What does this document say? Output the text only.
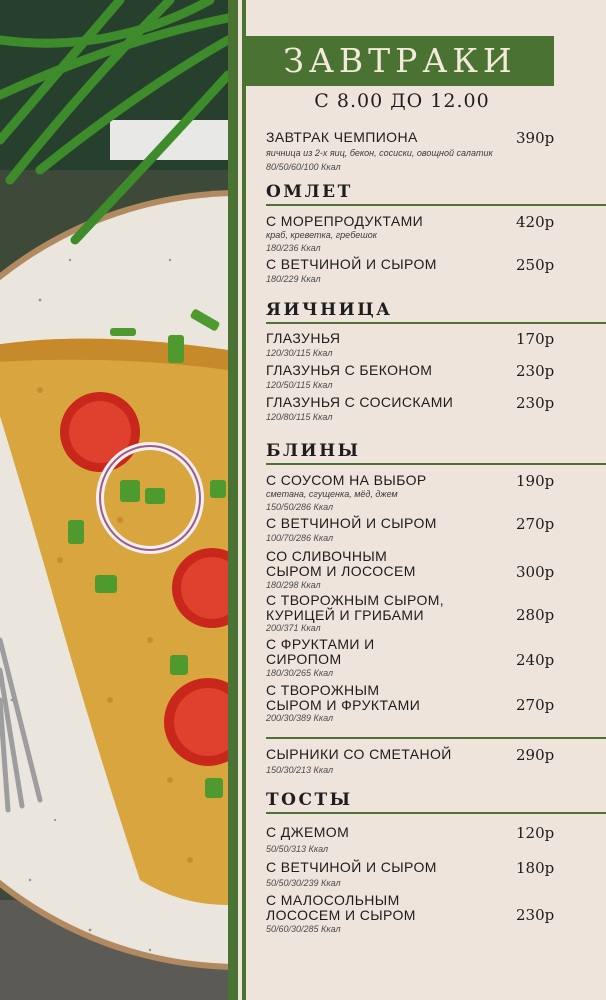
ЗАВТРАКИ
С 8.00 ДО 12.00
ЗАВТРАК ЧЕМПИОНА	390р
яичница из 2-х яиц, бекон, сосиски, овощной салатик
80/50/60/100 Ккал
ОМЛЕТ
С МОРЕПРОДУКТАМИ	420р
краб, креветка, гребешок
180/236 Ккал
С ВЕТЧИНОЙ И СЫРОМ	250р
180/229 Ккал
ЯИЧНИЦА
ГЛАЗУНЬЯ	170р
120/30/115 Ккал
ГЛАЗУНЬЯ С БЕКОНОМ	230р
120/50/115 Ккал
ГЛАЗУНЬЯ С СОСИСКАМИ	230р
120/80/115 Ккал
БЛИНЫ
С СОУСОМ НА ВЫБОР	190р
сметана, сгущенка, мёд, джем
150/50/286 Ккал
С ВЕТЧИНОЙ И СЫРОМ	270р
100/70/286 Ккал
СО СЛИВОЧНЫМ
СЫРОМ И ЛОСОСЕМ	300р
180/298 Ккал
С ТВОРОЖНЫМ СЫРОМ,
КУРИЦЕЙ И ГРИБАМИ	280р
200/371 Ккал
С ФРУКТАМИ И
СИРОПОМ	240р
180/30/265 Ккал
С ТВОРОЖНЫМ
СЫРОМ И ФРУКТАМИ	270р
200/30/389 Ккал
СЫРНИКИ СО СМЕТАНОЙ	290р
150/30/213 Ккал
ТОСТЫ
С ДЖЕМОМ	120р
50/50/313 Ккал
С ВЕТЧИНОЙ И СЫРОМ	180р
50/50/30/239 Ккал
С МАЛОСОЛЬНЫМ
ЛОСОСЕМ И СЫРОМ	230р
50/60/30/285 Ккал
